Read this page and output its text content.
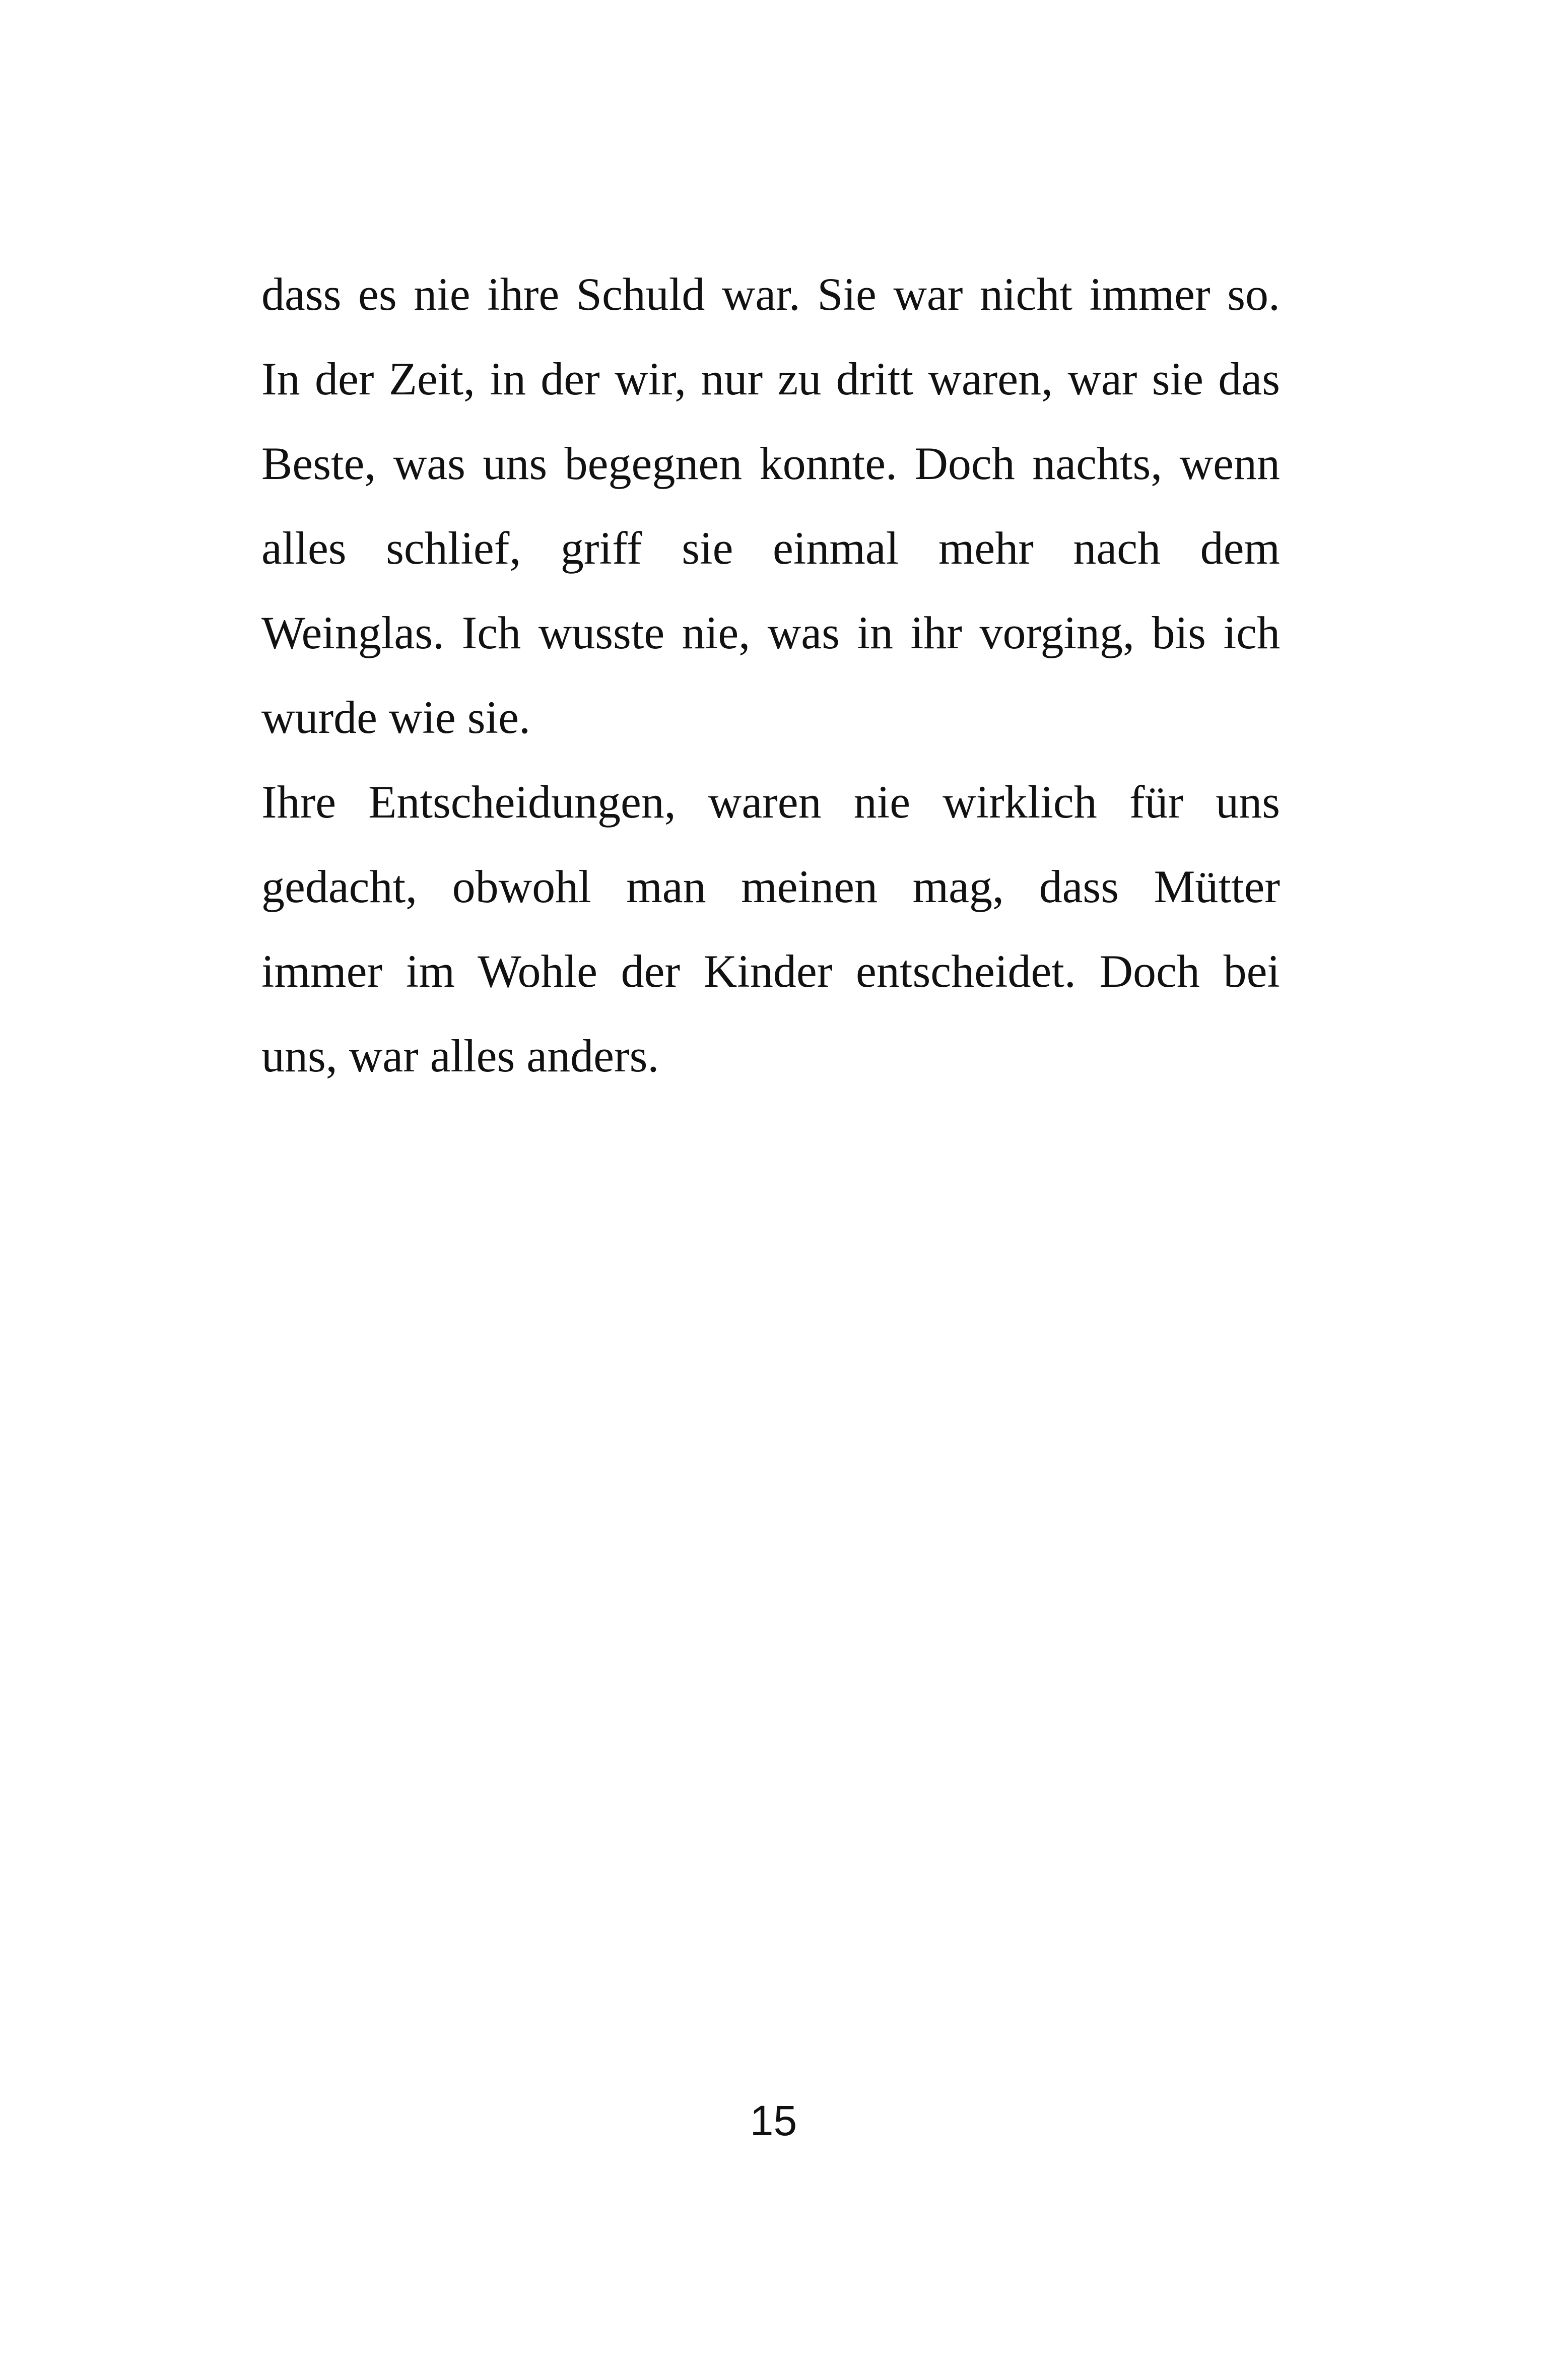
dass es nie ihre Schuld war. Sie war nicht immer so.
In der Zeit, in der wir, nur zu dritt waren, war sie das
Beste, was uns begegnen konnte. Doch nachts, wenn
alles schlief, griff sie einmal mehr nach dem
Weinglas. Ich wusste nie, was in ihr vorging, bis ich
wurde wie sie.
Ihre Entscheidungen, waren nie wirklich für uns
gedacht, obwohl man meinen mag, dass Mütter
immer im Wohle der Kinder entscheidet. Doch bei
uns, war alles anders.
15
